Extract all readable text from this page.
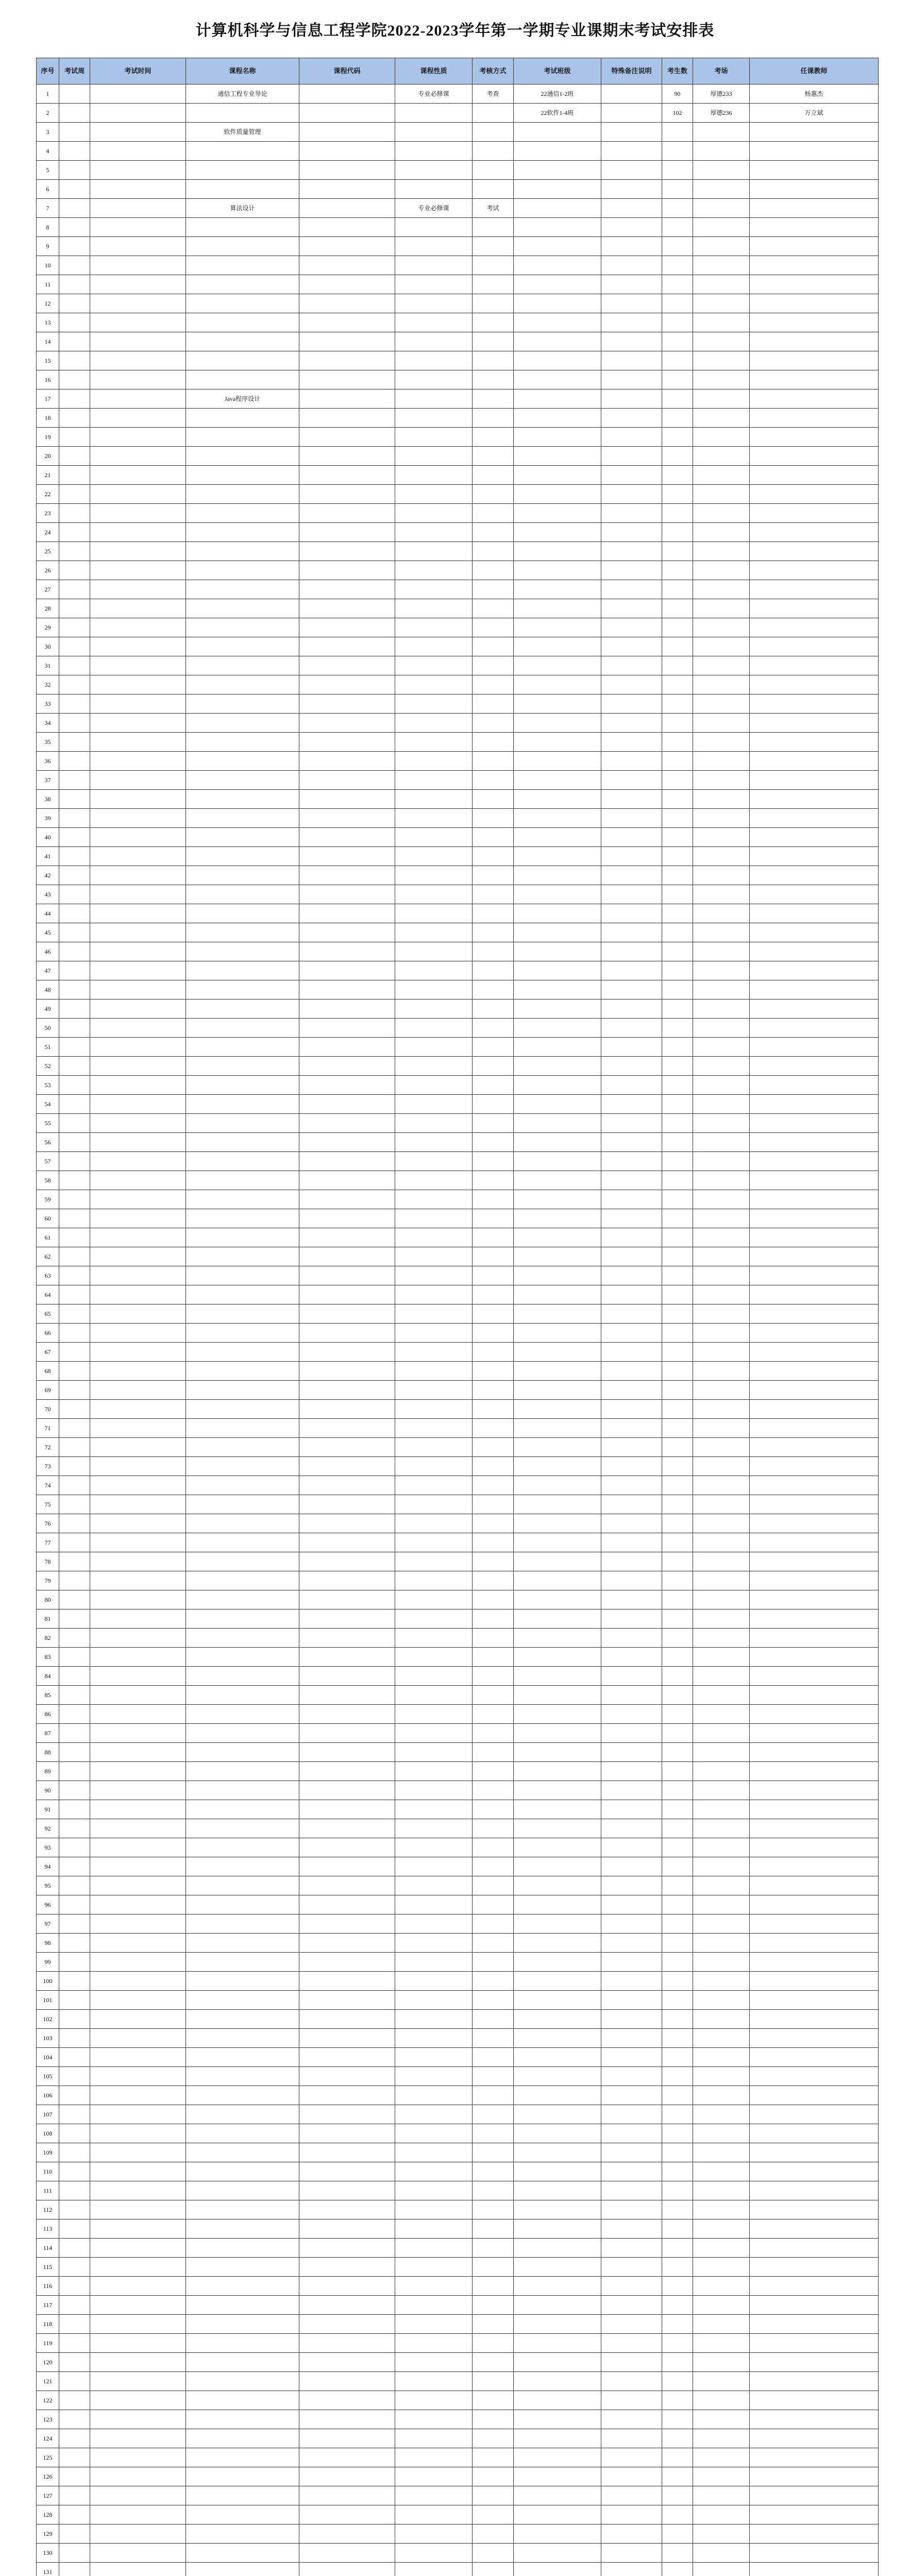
计算机科学与信息工程学院2022-2023学年第一学期专业课期末考试安排表
序号	考试周	考试时间	课程名称	课程代码	课程性质	考核方式	考试班级	特殊备注说明	考生数	考场	任课教师
1			通信工程专业导论		专业必修课	考查	22通信1-2班		90	厚德233	杨惠杰
2							22软件1-4班		102	厚德236	万立斌
3			软件质量管理								
4											
5											
6											
7			算法设计		专业必修课	考试					
8											
9											
10											
11											
12											
13											
14											
15											
16											
17			Java程序设计								
18											
19											
20											
21											
22											
23											
24											
25											
26											
27											
28											
29											
30											
31											
32											
33											
34											
35											
36											
37											
38											
39											
40											
41											
42											
43											
44											
45											
46											
47											
48											
49											
50											
51											
52											
53											
54											
55											
56											
57											
58											
59											
60											
61											
62											
63											
64											
65											
66											
67											
68											
69											
70											
71											
72											
73											
74											
75											
76											
77											
78											
79											
80											
81											
82											
83											
84											
85											
86											
87											
88											
89											
90											
91											
92											
93											
94											
95											
96											
97											
98											
99											
100											
101											
102											
103											
104											
105											
106											
107											
108											
109											
110											
111											
112											
113											
114											
115											
116											
117											
118											
119											
120											
121											
122											
123											
124											
125											
126											
127											
128											
129											
130											
131											
